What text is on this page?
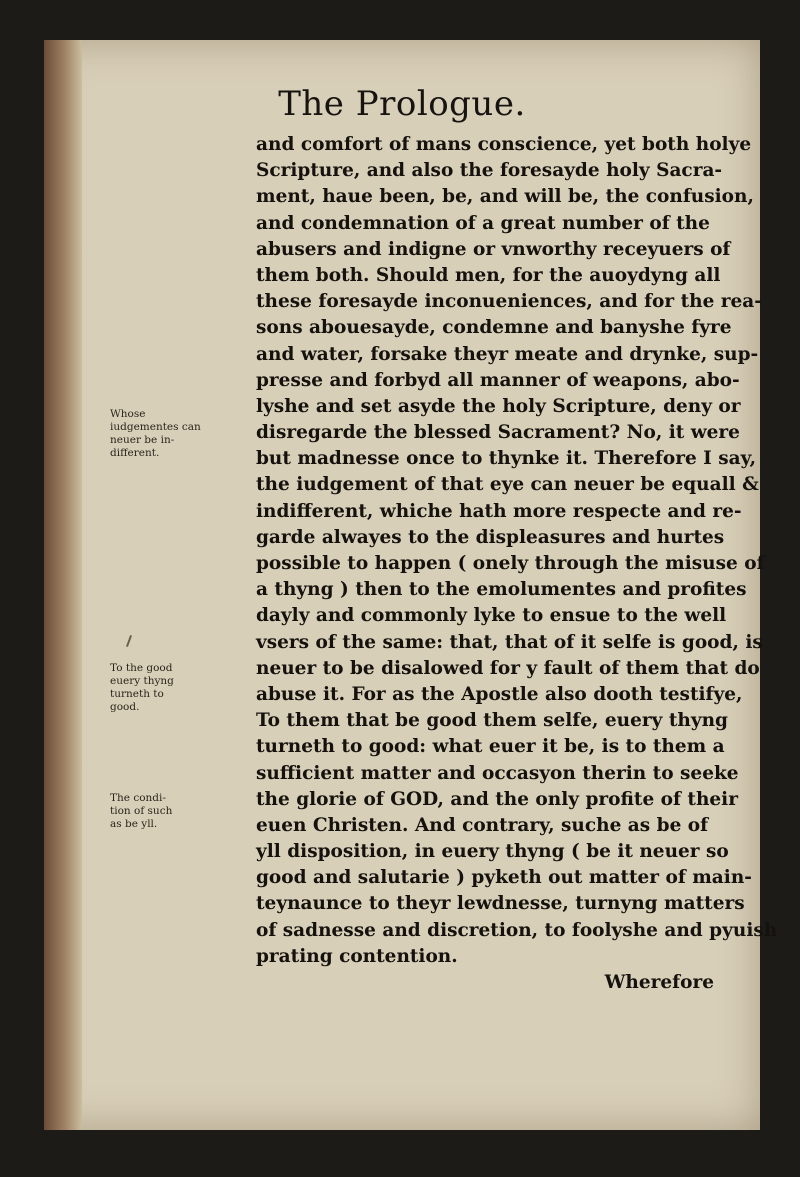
The Prologue.
Whose
iudgementes can
neuer be in-
different.
To the good
euery thyng
turneth to
good.
The condi-
tion of such
as be yll.
and comfort of mans conscience, yet both holye
Scripture, and also the foresayde holy Sacra-
ment, haue been, be, and will be, the confusion,
and condemnation of a great number of the
abusers and indigne or vnworthy receyuers of
them both. Should men, for the auoydyng all
these foresayde inconueniences, and for the rea-
sons abouesayde, condemne and banyshe fyre
and water, forsake theyr meate and drynke, sup-
presse and forbyd all manner of weapons, abo-
lyshe and set asyde the holy Scripture, deny or
disregarde the blessed Sacrament? No, it were
but madnesse once to thynke it. Therefore I say,
the iudgement of that eye can neuer be equall &
indifferent, whiche hath more respecte and re-
garde alwayes to the displeasures and hurtes
possible to happen ( onely through the misuse of
a thyng ) then to the emolumentes and profites
dayly and commonly lyke to ensue to the well
vsers of the same: that, that of it selfe is good, is
neuer to be disalowed for y fault of them that do
abuse it. For as the Apostle also dooth testifye,
To them that be good them selfe, euery thyng
turneth to good: what euer it be, is to them a
sufficient matter and occasyon therin to seeke
the glorie of GOD, and the only profite of their
euen Christen. And contrary, suche as be of
yll disposition, in euery thyng ( be it neuer so
good and salutarie ) pyketh out matter of main-
teynaunce to theyr lewdnesse, turnyng matters
of sadnesse and discretion, to foolyshe and pyuish
prating contention.
Wherefore
